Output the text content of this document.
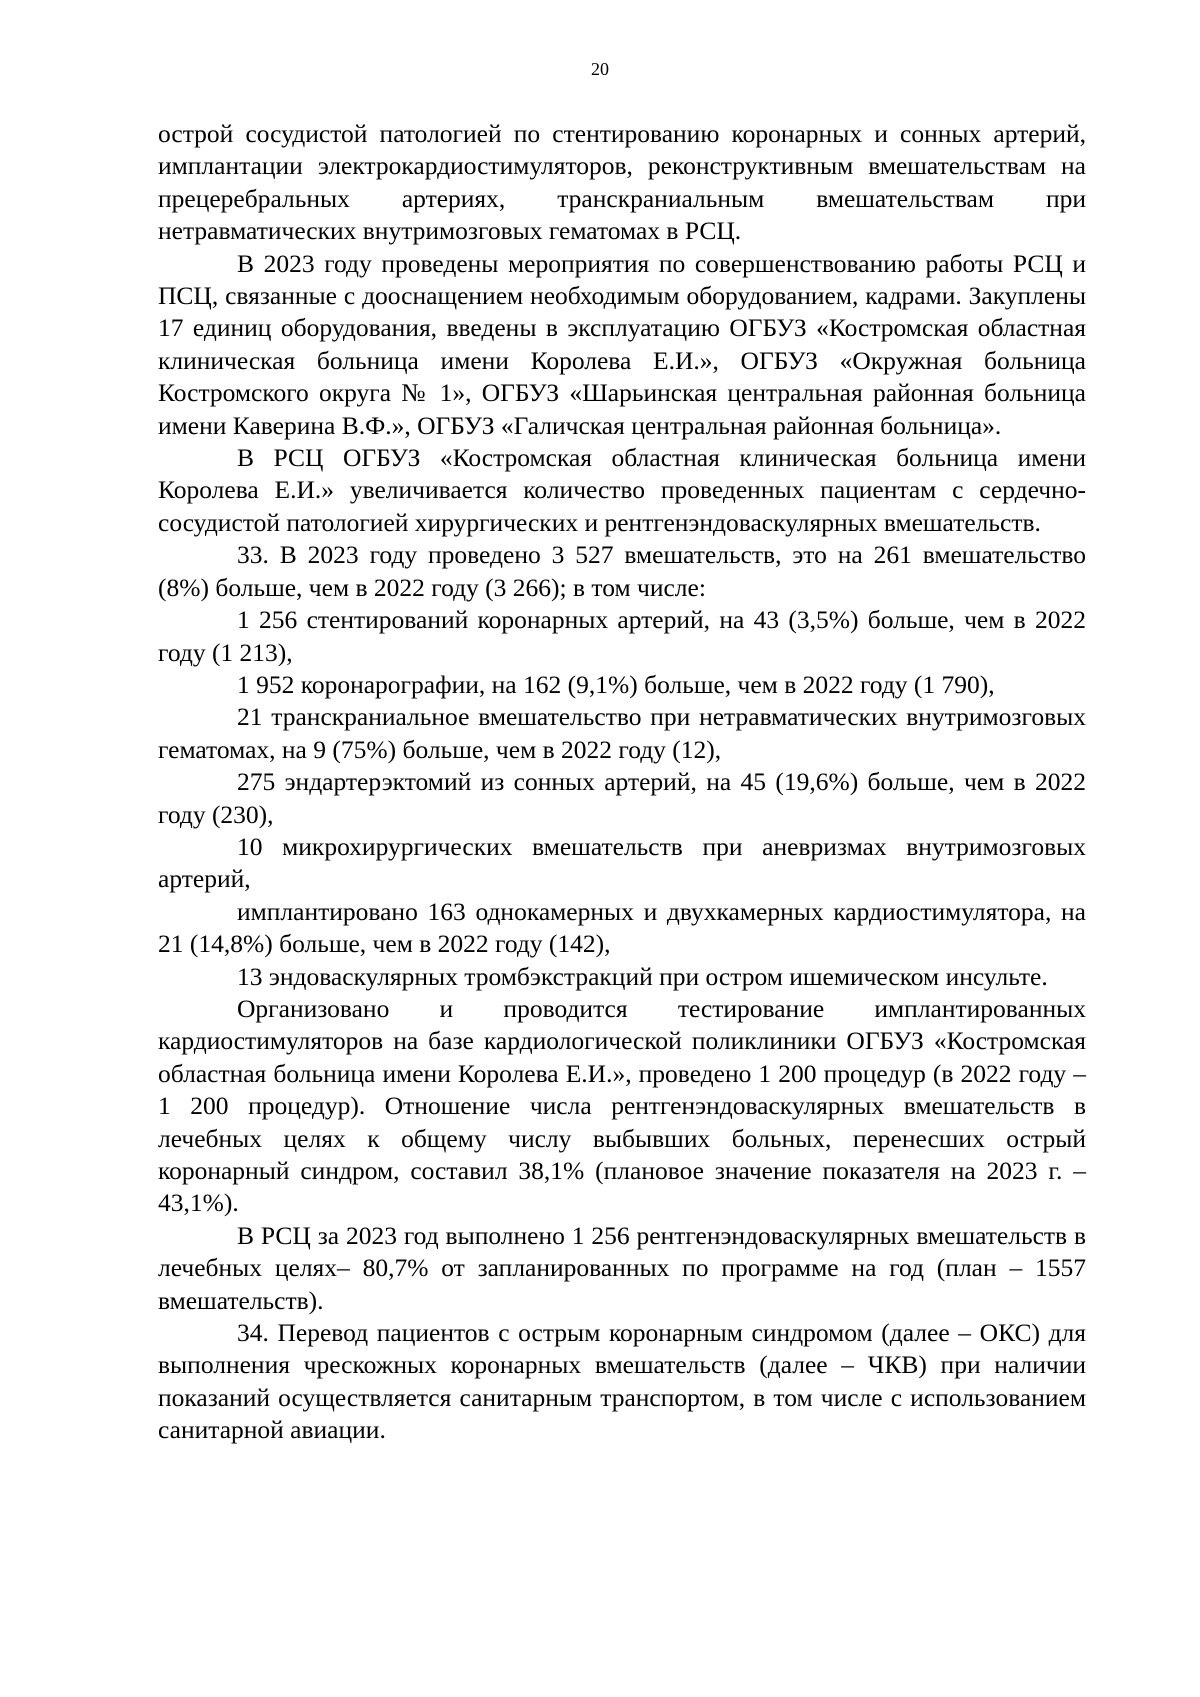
20

острой сосудистой патологией по стентированию коронарных и сонных артерий, имплантации электрокардиостимуляторов, реконструктивным вмешательствам на прецеребральных артериях, транскраниальным вмешательствам при нетравматических внутримозговых гематомах в РСЦ.

В 2023 году проведены мероприятия по совершенствованию работы РСЦ и ПСЦ, связанные с дооснащением необходимым оборудованием, кадрами. Закуплены 17 единиц оборудования, введены в эксплуатацию ОГБУЗ «Костромская областная клиническая больница имени Королева Е.И.», ОГБУЗ «Окружная больница Костромского округа № 1», ОГБУЗ «Шарьинская центральная районная больница имени Каверина В.Ф.», ОГБУЗ «Галичская центральная районная больница».

В РСЦ ОГБУЗ «Костромская областная клиническая больница имени Королева Е.И.» увеличивается количество проведенных пациентам с сердечно-сосудистой патологией хирургических и рентгенэндоваскулярных вмешательств.

33. В 2023 году проведено 3 527 вмешательств, это на 261 вмешательство (8%) больше, чем в 2022 году (3 266); в том числе:

1 256 стентирований коронарных артерий, на 43 (3,5%) больше, чем в 2022 году (1 213),

1 952 коронарографии, на 162 (9,1%) больше, чем в 2022 году (1 790),

21 транскраниальное вмешательство при нетравматических внутримозговых гематомах, на 9 (75%) больше, чем в 2022 году (12),

275 эндартерэктомий из сонных артерий, на 45 (19,6%) больше, чем в 2022 году (230),

10 микрохирургических вмешательств при аневризмах внутримозговых артерий,

имплантировано 163 однокамерных и двухкамерных кардиостимулятора, на 21 (14,8%) больше, чем в 2022 году (142),

13 эндоваскулярных тромбэкстракций при остром ишемическом инсульте.

Организовано и проводится тестирование имплантированных кардиостимуляторов на базе кардиологической поликлиники ОГБУЗ «Костромская областная больница имени Королева Е.И.», проведено 1 200 процедур (в 2022 году – 1 200 процедур). Отношение числа рентгенэндоваскулярных вмешательств в лечебных целях к общему числу выбывших больных, перенесших острый коронарный синдром, составил 38,1% (плановое значение показателя на 2023 г. – 43,1%).

В РСЦ за 2023 год выполнено 1 256 рентгенэндоваскулярных вмешательств в лечебных целях– 80,7% от запланированных по программе на год (план – 1557 вмешательств).

34. Перевод пациентов с острым коронарным синдромом (далее – ОКС) для выполнения чрескожных коронарных вмешательств (далее – ЧКВ) при наличии показаний осуществляется санитарным транспортом, в том числе с использованием санитарной авиации.
